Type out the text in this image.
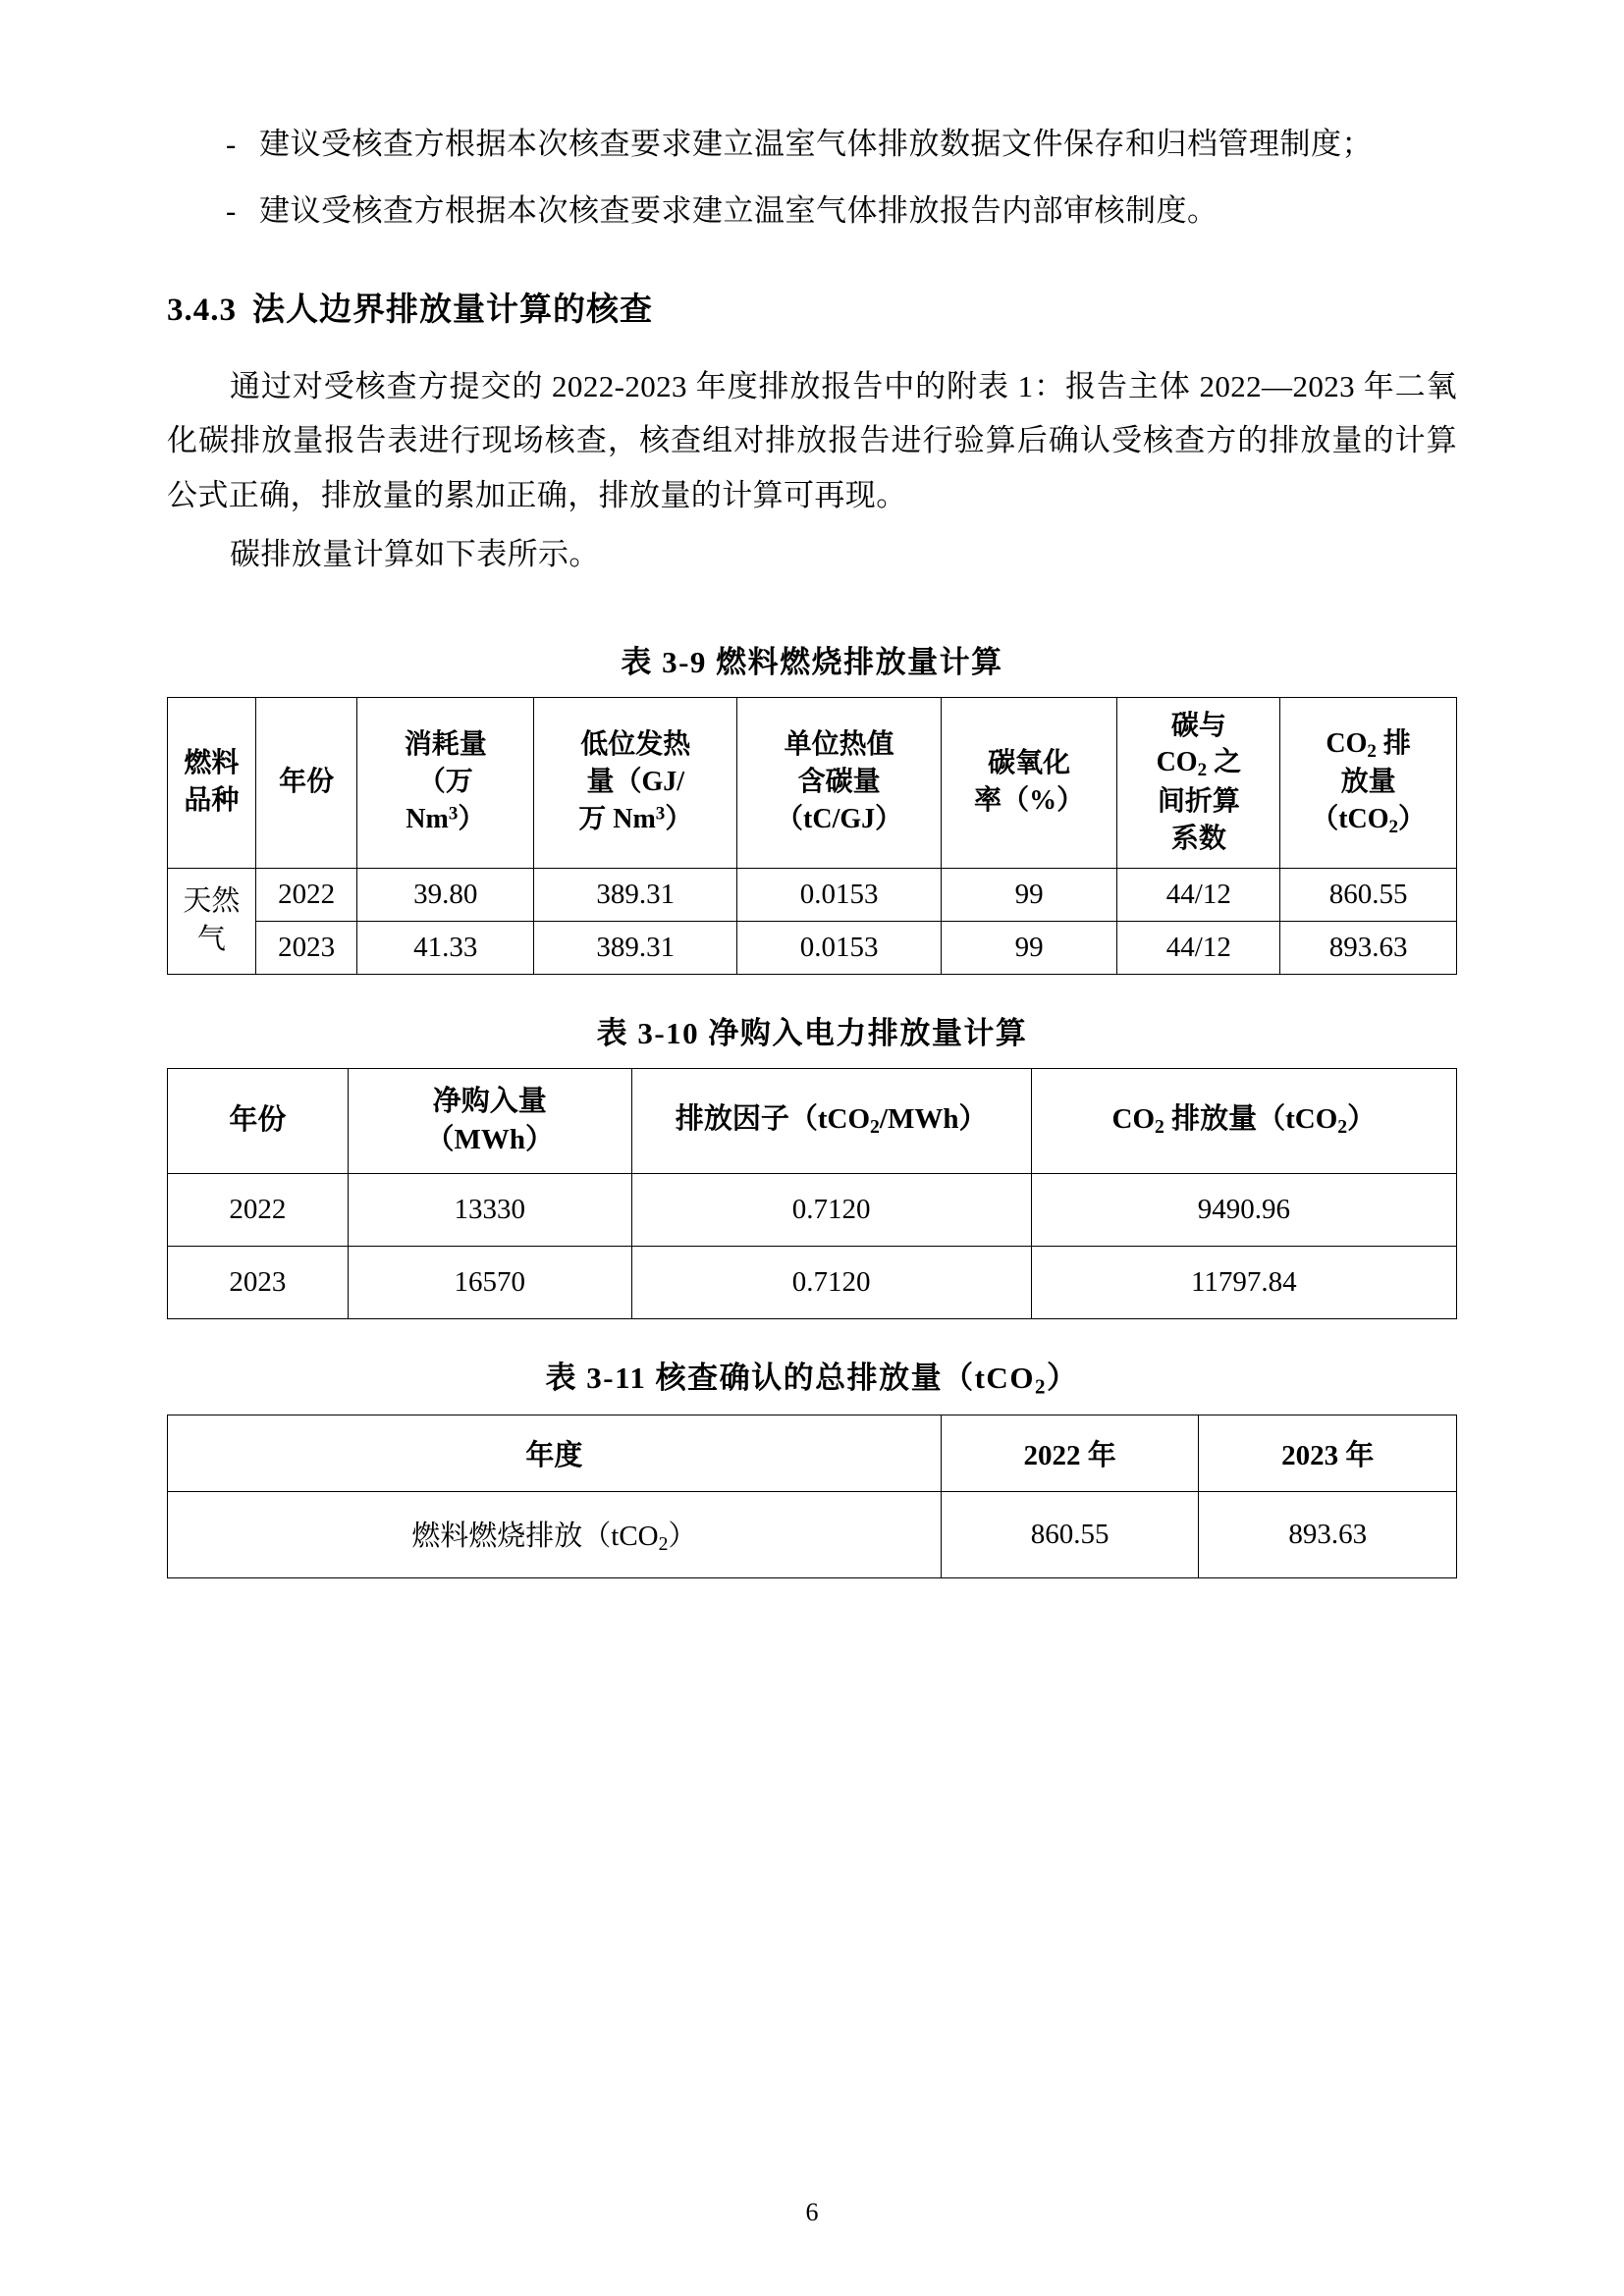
- 建议受核查方根据本次核查要求建立温室气体排放数据文件保存和归档管理制度；
- 建议受核查方根据本次核查要求建立温室气体排放报告内部审核制度。
3.4.3 法人边界排放量计算的核查

通过对受核查方提交的 2022-2023 年度排放报告中的附表 1：报告主体 2022—2023 年二氧化碳排放量报告表进行现场核查，核查组对排放报告进行验算后确认受核查方的排放量的计算公式正确，排放量的累加正确，排放量的计算可再现。

碳排放量计算如下表所示。

表 3-9 燃料燃烧排放量计算
燃料
品种	年份	消耗量
（万
Nm$^3$）	低位发热
量（GJ/
万 Nm$^3$）	单位热值
含碳量
（tC/GJ）	碳氧化
率（%）	碳与
$CO_2$ 之
间折算
系数	$CO_2$ 排
放量
（tCO$_2$）
天然
气	2022	39.80	389.31	0.0153	99	44/12	860.55
	2023	41.33	389.31	0.0153	99	44/12	893.63
表 3-10 净购入电力排放量计算
年份	净购入量
（MWh）	排放因子（tCO$_2$/MWh）	$CO_2$ 排放量（tCO$_2$）
2022	13330	0.7120	9490.96
2023	16570	0.7120	11797.84
表 3-11 核查确认的总排放量（tCO$_2$）
年度	2022 年	2023 年
燃料燃烧排放（tCO$_2$）	860.55	893.63
6
